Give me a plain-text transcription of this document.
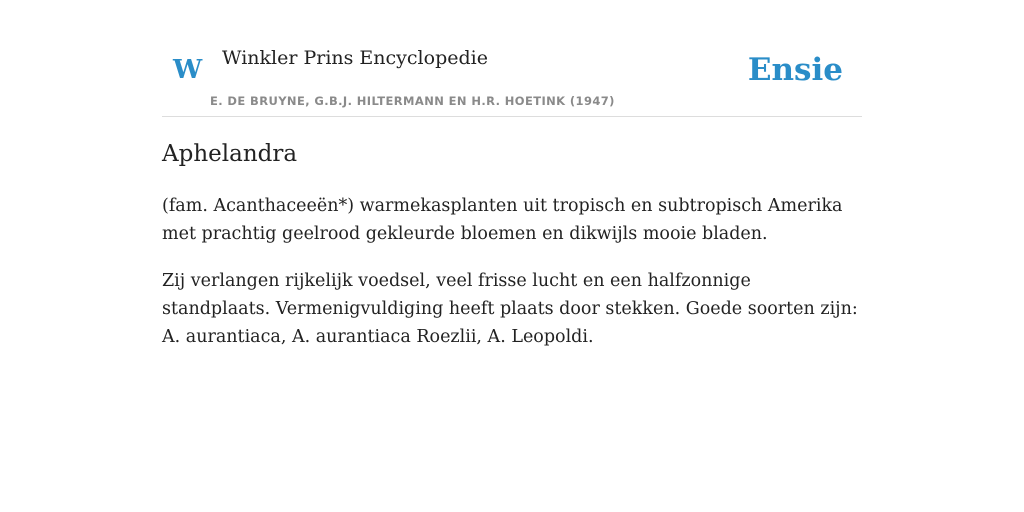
W Winkler Prins Encyclopedie
E. DE BRUYNE, G.B.J. HILTERMANN EN H.R. HOETINK (1947)
Ensie
Aphelandra

(fam. Acanthaceeën*) warmekasplanten uit tropisch en subtropisch Amerika met prachtig geelrood gekleurde bloemen en dikwijls mooie bladen.

Zij verlangen rijkelijk voedsel, veel frisse lucht en een halfzonnige standplaats. Vermenigvuldiging heeft plaats door stekken. Goede soorten zijn: A. aurantiaca, A. aurantiaca Roezlii, A. Leopoldi.
